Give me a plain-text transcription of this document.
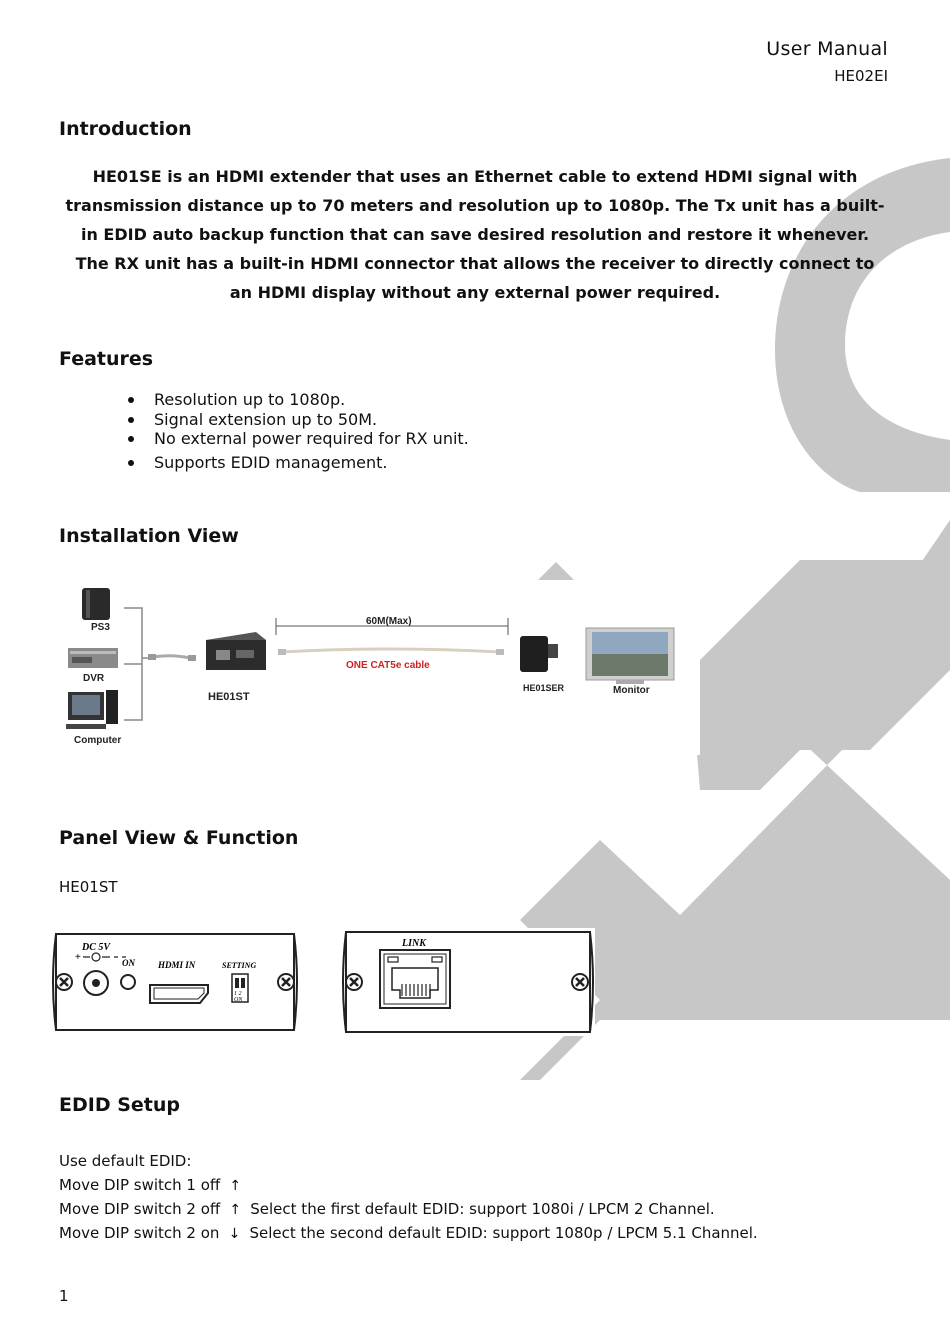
User Manual
HE02EI
Introduction
HE01SE is an HDMI extender that uses an Ethernet cable to extend HDMI signal with transmission distance up to 70 meters and resolution up to 1080p. The Tx unit has a built-in EDID auto backup function that can save desired resolution and restore it whenever. The RX unit has a built-in HDMI connector that allows the receiver to directly connect to an HDMI display without any external power required.
Features
Resolution up to 1080p.
Signal extension up to 50M.
No external power required for RX unit.
Supports EDID management.
Installation View
PS3
DVR
Computer
HE01ST
60M(Max)
ONE CAT5e cable
HE01SER	Monitor
Panel View & Function
HE01ST
DC 5V
+	ON	HDMI IN	SETTING
1 2
ON
LINK
EDID Setup
Use default EDID:
Move DIP switch 1 off ↑
Move DIP switch 2 off ↑ Select the first default EDID: support 1080i / LPCM 2 Channel.
Move DIP switch 2 on ↓ Select the second default EDID: support 1080p / LPCM 5.1 Channel.
1
